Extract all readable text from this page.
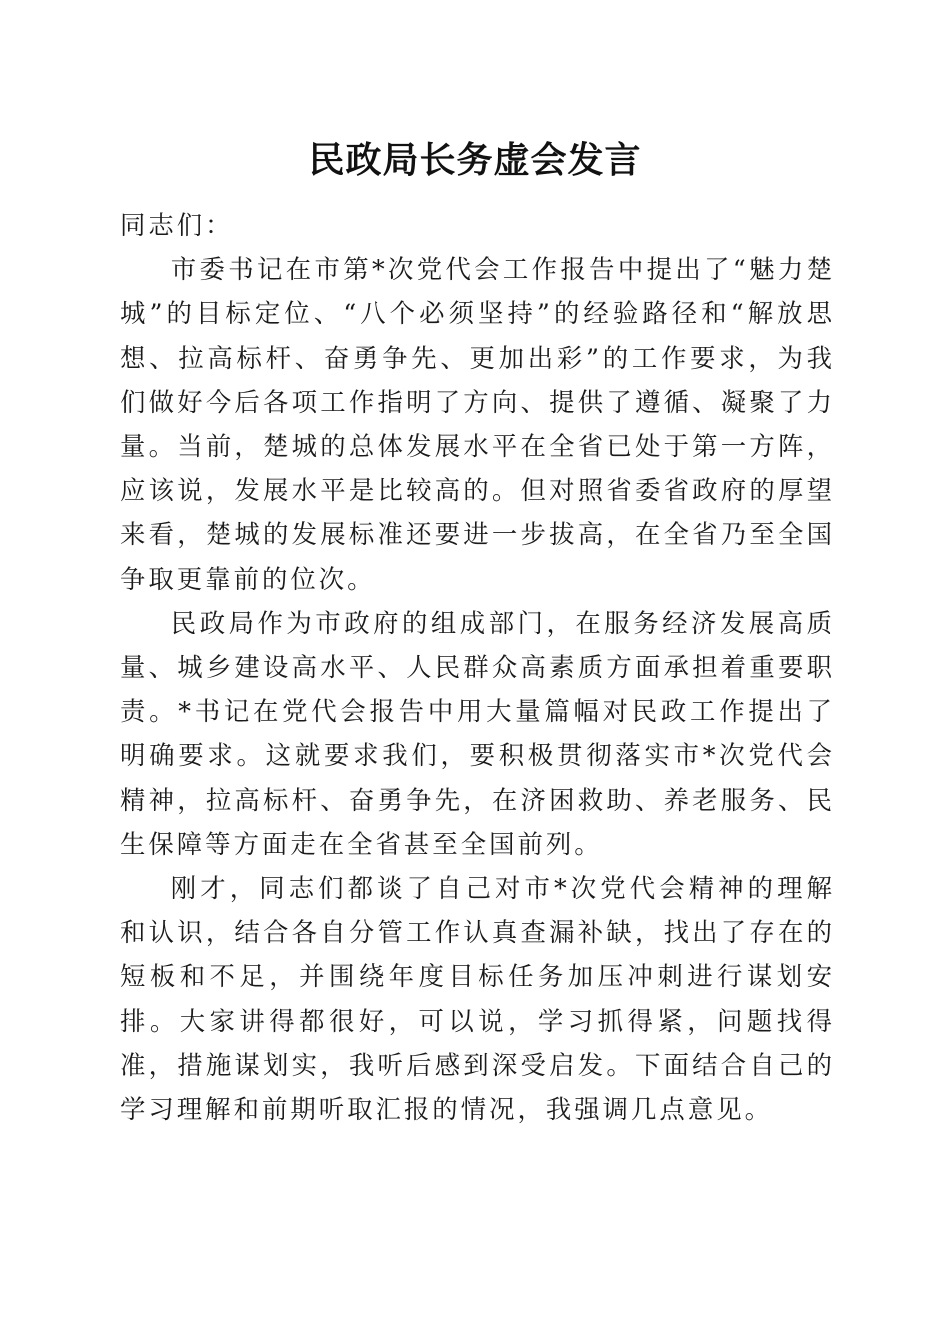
民政局长务虚会发言

同志们：

市委书记在市第*次党代会工作报告中提出了“魅力楚城”的目标定位、“八个必须坚持”的经验路径和“解放思想、拉高标杆、奋勇争先、更加出彩”的工作要求，为我们做好今后各项工作指明了方向、提供了遵循、凝聚了力量。当前，楚城的总体发展水平在全省已处于第一方阵，应该说，发展水平是比较高的。但对照省委省政府的厚望来看，楚城的发展标准还要进一步拔高，在全省乃至全国争取更靠前的位次。

民政局作为市政府的组成部门，在服务经济发展高质量、城乡建设高水平、人民群众高素质方面承担着重要职责。*书记在党代会报告中用大量篇幅对民政工作提出了明确要求。这就要求我们，要积极贯彻落实市*次党代会精神，拉高标杆、奋勇争先，在济困救助、养老服务、民生保障等方面走在全省甚至全国前列。

刚才，同志们都谈了自己对市*次党代会精神的理解和认识，结合各自分管工作认真查漏补缺，找出了存在的短板和不足，并围绕年度目标任务加压冲刺进行谋划安排。大家讲得都很好，可以说，学习抓得紧，问题找得准，措施谋划实，我听后感到深受启发。下面结合自己的学习理解和前期听取汇报的情况，我强调几点意见。
